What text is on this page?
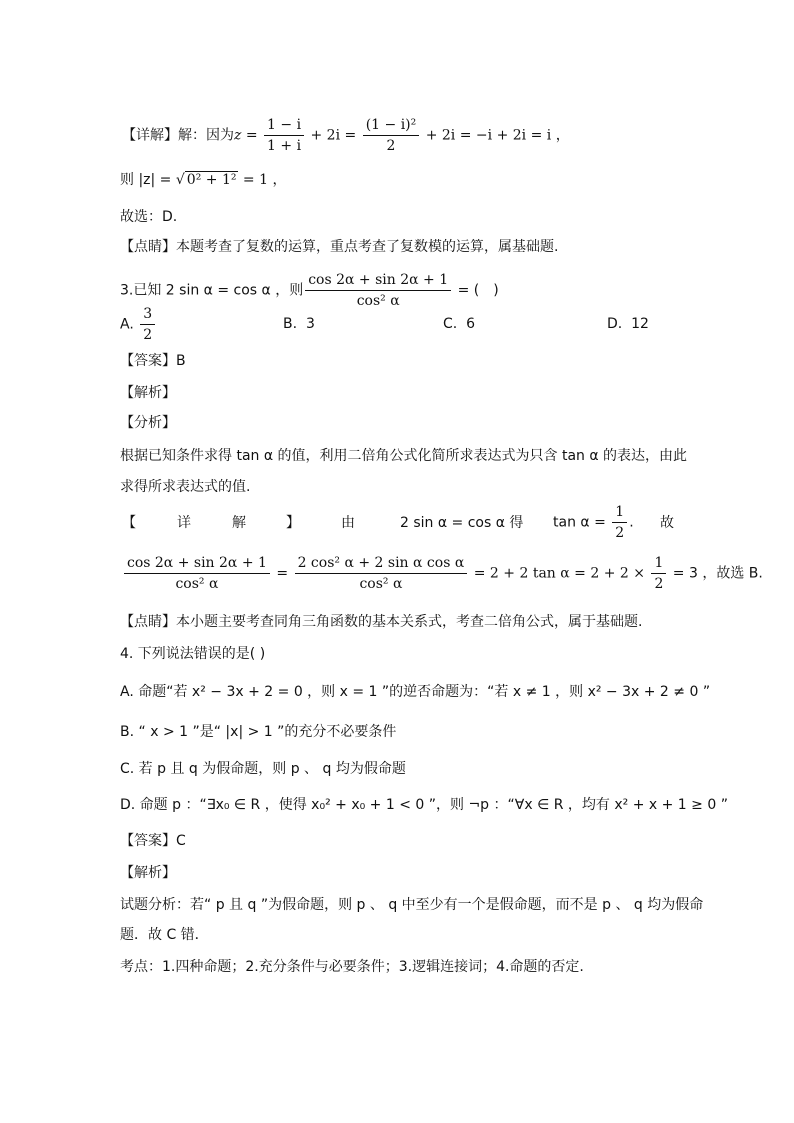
【详解】解：因为$z = \frac{1 - i}{1 + i} + 2i = \frac{\text{(1 − i)²}}{2} + 2i = -i + 2i = i$ ，
则 |z| = √ 0² + 1² = 1 ，
故选：D.
【点睛】本题考查了复数的运算，重点考查了复数模的运算，属基础题.
3.已知 2 sin α = cos α ，则 $\frac{\cos 2\alpha + \sin 2\alpha + 1}{\text{cos² α}}$ = (　)
A. $\frac{3}{2}$	B. 3	C. 6	D. 12
【答案】B
【解析】
【分析】
根据已知条件求得 tan α 的值，利用二倍角公式化简所求表达式为只含 tan α 的表达，由此
求得所求表达式的值.
【	详	解	】	由	2 sin α = cos α 得 $\tan \alpha = \frac{1}{2}$ . 故
$\frac{\cos 2\alpha + \sin 2\alpha + 1}{\text{cos² α}} = \frac{\text{2 cos² α + 2 sin α cos α}}{\text{cos² α}} = 2 + 2$ $\tan \alpha = 2 + 2 \times \frac{1}{2} = 3$ ，故选 B.
【点睛】本小题主要考查同角三角函数的基本关系式，考查二倍角公式，属于基础题.
4. 下列说法错误的是( )
A. 命题“若 x² − 3x + 2 = 0 ，则 x = 1 ”的逆否命题为：“若 x ≠ 1 ，则 x² − 3x + 2 ≠ 0 ”
B. “ x > 1 ”是“ |x| > 1 ”的充分不必要条件
C. 若 p 且 q 为假命题，则 p 、 q 均为假命题
D. 命题 p ：“∃x₀ ∈ R ，使得 x₀² + x₀ + 1 < 0 ”，则 ¬p ：“∀x ∈ R ，均有 x² + x + 1 ≥ 0 ”
【答案】C
【解析】
试题分析：若“ p 且 q ”为假命题，则 p 、 q 中至少有一个是假命题，而不是 p 、 q 均为假命
题．故 C 错．
考点：1.四种命题；2.充分条件与必要条件；3.逻辑连接词；4.命题的否定.
